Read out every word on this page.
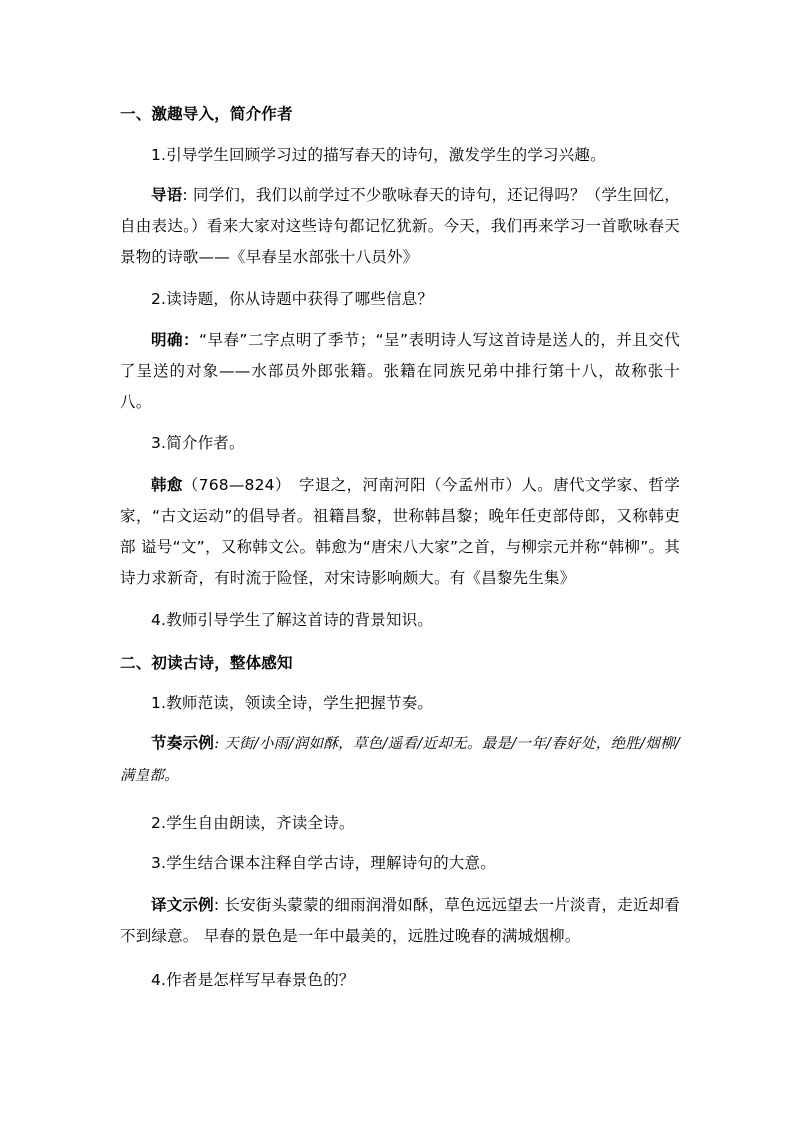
一、激趣导入，简介作者
1.引导学生回顾学习过的描写春天的诗句，激发学生的学习兴趣。
导语: 同学们，我们以前学过不少歌咏春天的诗句，还记得吗？（学生回忆，自由表达。）看来大家对这些诗句都记忆犹新。今天，我们再来学习一首歌咏春天景物的诗歌——《早春呈水部张十八员外》
2.读诗题，你从诗题中获得了哪些信息？
明确：“早春”二字点明了季节；“呈”表明诗人写这首诗是送人的，并且交代了呈送的对象——水部员外郎张籍。张籍在同族兄弟中排行第十八，故称张十八。
3.简介作者。
韩愈（768—824）　字退之，河南河阳（今孟州市）人。唐代文学家、哲学家，“古文运动”的倡导者。祖籍昌黎，世称韩昌黎；晚年任吏部侍郎，又称韩吏部 谥号“文”，又称韩文公。韩愈为“唐宋八大家”之首，与柳宗元并称“韩柳”。其诗力求新奇，有时流于险怪，对宋诗影响颇大。有《昌黎先生集》
4.教师引导学生了解这首诗的背景知识。
二、初读古诗，整体感知
1.教师范读，领读全诗，学生把握节奏。
节奏示例: 天街/小雨/润如酥，草色/遥看/近却无。最是/一年/春好处，绝胜/烟柳/满皇都。
2.学生自由朗读，齐读全诗。
3.学生结合课本注释自学古诗，理解诗句的大意。
译文示例: 长安街头蒙蒙的细雨润滑如酥，草色远远望去一片淡青，走近却看不到绿意。 早春的景色是一年中最美的，远胜过晚春的满城烟柳。
4.作者是怎样写早春景色的？
